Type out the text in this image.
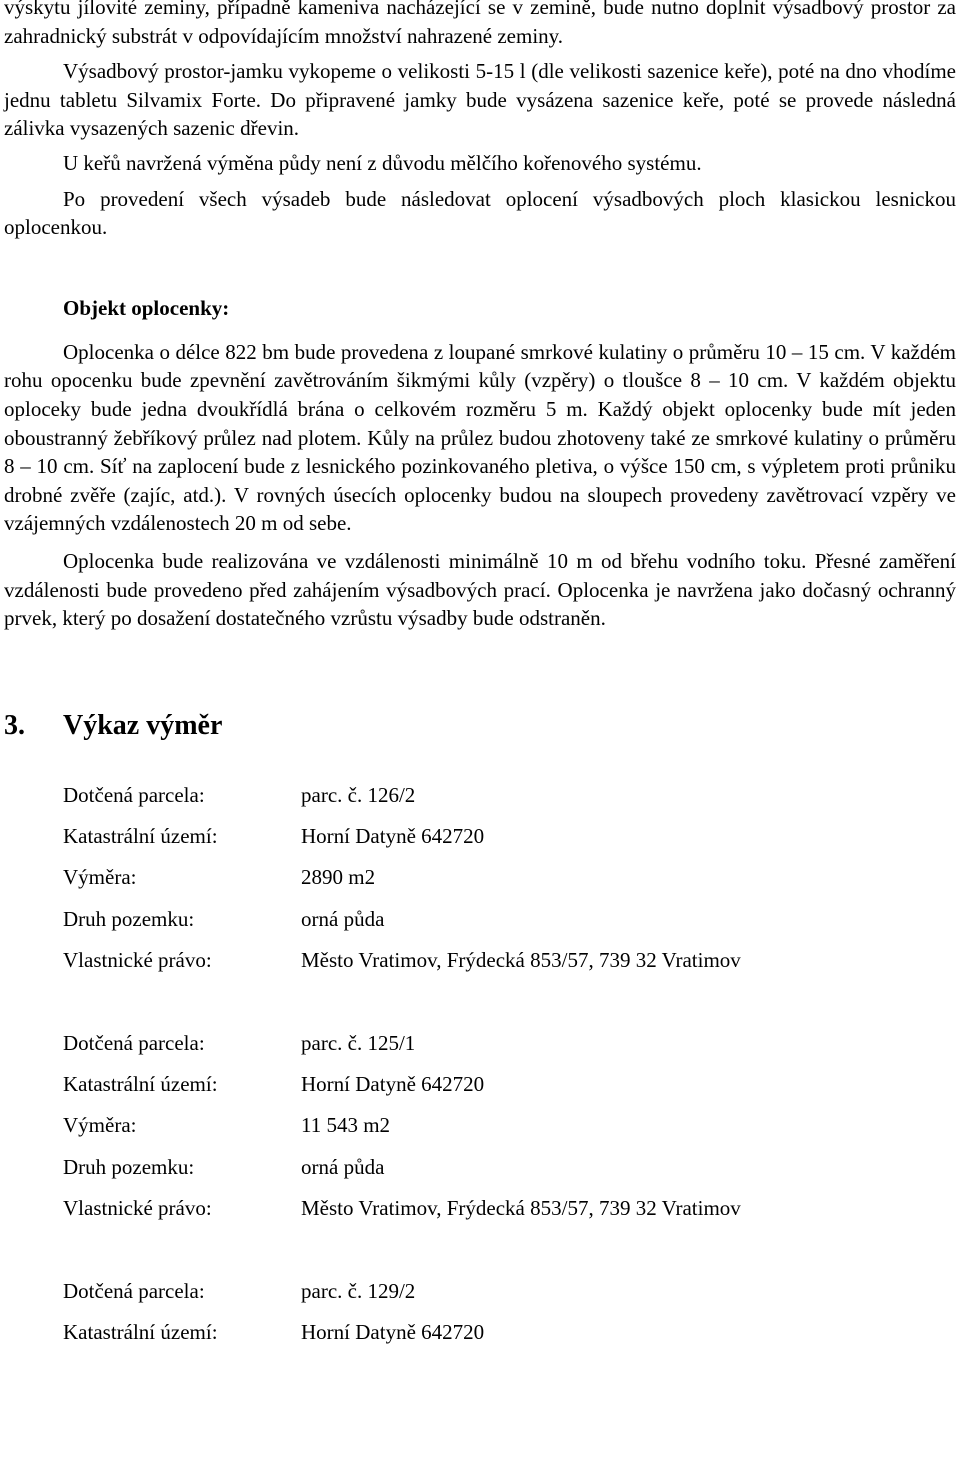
výskytu jílovité zeminy, případně kameniva nacházející se v zemině, bude nutno doplnit výsadbový prostor za zahradnický substrát v odpovídajícím množství nahrazené zeminy.

Výsadbový prostor-jamku vykopeme o velikosti 5-15 l (dle velikosti sazenice keře), poté na dno vhodíme jednu tabletu Silvamix Forte. Do připravené jamky bude vysázena sazenice keře, poté se provede následná zálivka vysazených sazenic dřevin.

U keřů navržená výměna půdy není z důvodu mělčího kořenového systému.

Po provedení všech výsadeb bude následovat oplocení výsadbových ploch klasickou lesnickou oplocenkou.

Objekt oplocenky:

Oplocenka o délce 822 bm bude provedena z loupané smrkové kulatiny o průměru 10 – 15 cm. V každém rohu opocenku bude zpevnění zavětrováním šikmými kůly (vzpěry) o tloušce 8 – 10 cm. V každém objektu oploceky bude jedna dvoukřídlá brána o celkovém rozměru 5 m. Každý objekt oplocenky bude mít jeden oboustranný žebříkový průlez nad plotem. Kůly na průlez budou zhotoveny také ze smrkové kulatiny o průměru 8 – 10 cm. Síť na zaplocení bude z lesnického pozinkovaného pletiva, o výšce 150 cm, s výpletem proti průniku drobné zvěře (zajíc, atd.). V rovných úsecích oplocenky budou na sloupech provedeny zavětrovací vzpěry ve vzájemných vzdálenostech 20 m od sebe.

Oplocenka bude realizována ve vzdálenosti minimálně 10 m od břehu vodního toku. Přesné zaměření vzdálenosti bude provedeno před zahájením výsadbových prací. Oplocenka je navržena jako dočasný ochranný prvek, který po dosažení dostatečného vzrůstu výsadby bude odstraněn.

3.	Výkaz výměr
Dotčená parcela:	parc. č. 126/2
Katastrální území:	Horní Datyně 642720
Výměra:	2890 m2
Druh pozemku:	orná půda
Vlastnické právo:	Město Vratimov, Frýdecká 853/57, 739 32 Vratimov
Dotčená parcela:	parc. č. 125/1
Katastrální území:	Horní Datyně 642720
Výměra:	11 543 m2
Druh pozemku:	orná půda
Vlastnické právo:	Město Vratimov, Frýdecká 853/57, 739 32 Vratimov
Dotčená parcela:	parc. č. 129/2
Katastrální území:	Horní Datyně 642720
